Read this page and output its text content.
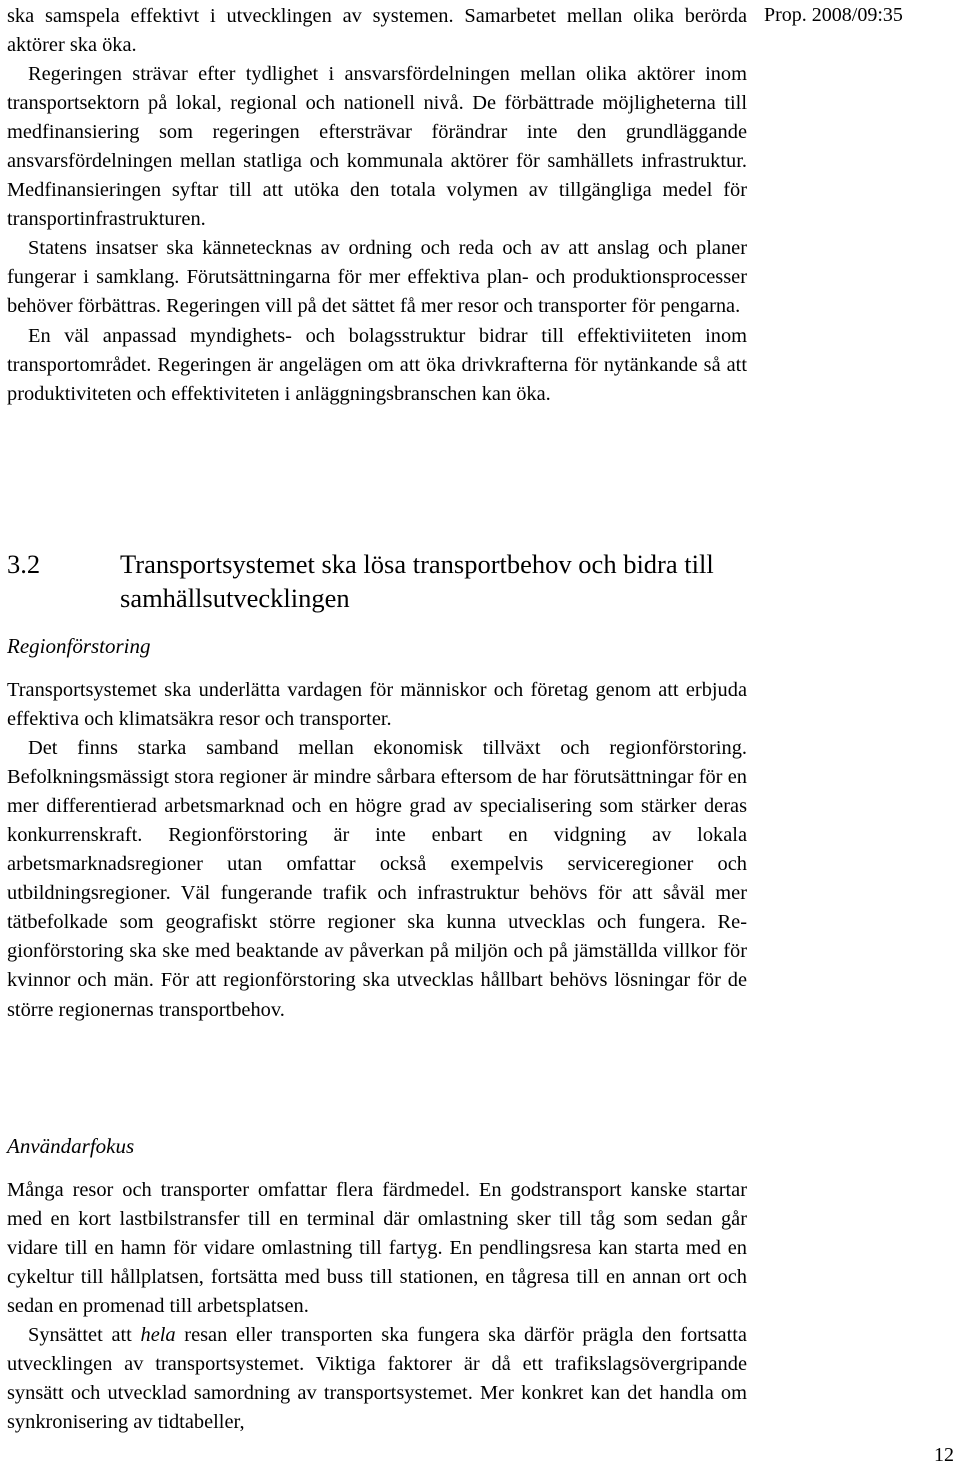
Prop. 2008/09:35

ska samspela effektivt i utvecklingen av systemen. Samarbetet mellan olika berörda aktörer ska öka.

Regeringen strävar efter tydlighet i ansvarsfördelningen mellan olika aktörer inom transportsektorn på lokal, regional och nationell nivå. De förbättrade möjligheterna till medfinansiering som regeringen eftersträvar förändrar inte den grundläggande ansvarsfördelningen mellan statliga och kommunala aktörer för samhällets infrastruktur. Medfinansieringen syftar till att utöka den totala volymen av tillgängliga medel för transportinfrastrukturen.

Statens insatser ska kännetecknas av ordning och reda och av att anslag och planer fungerar i samklang. Förutsättningarna för mer effektiva plan- och produktionsprocesser behöver förbättras. Regeringen vill på det sättet få mer resor och transporter för pengarna.

En väl anpassad myndighets- och bolagsstruktur bidrar till effektiviiteten inom transportområdet. Regeringen är angelägen om att öka drivkrafterna för nytänkande så att produktiviteten och effektiviteten i anläggningsbranschen kan öka.

3.2	Transportsystemet ska lösa transportbehov och bidra till samhällsutvecklingen
Regionförstoring

Transportsystemet ska underlätta vardagen för människor och företag genom att erbjuda effektiva och klimatsäkra resor och transporter.

Det finns starka samband mellan ekonomisk tillväxt och regionförstoring. Befolkningsmässigt stora regioner är mindre sårbara eftersom de har förutsättningar för en mer differentierad arbetsmarknad och en högre grad av specialisering som stärker deras konkurrenskraft. Regionförstoring är inte enbart en vidgning av lokala arbetsmarknadsregioner utan omfattar också exempelvis serviceregioner och utbildningsregioner. Väl fungerande trafik och infrastruktur behövs för att såväl mer tätbefolkade som geografiskt större regioner ska kunna utvecklas och fungera. Regionförstoring ska ske med beaktande av påverkan på miljön och på jämställda villkor för kvinnor och män. För att regionförstoring ska utvecklas hållbart behövs lösningar för de större regionernas transportbehov.

Användarfokus

Många resor och transporter omfattar flera färdmedel. En godstransport kanske startar med en kort lastbilstransfer till en terminal där omlastning sker till tåg som sedan går vidare till en hamn för vidare omlastning till fartyg. En pendlingsresa kan starta med en cykeltur till hållplatsen, fortsätta med buss till stationen, en tågresa till en annan ort och sedan en promenad till arbetsplatsen.

Synsättet att hela resan eller transporten ska fungera ska därför prägla den fortsatta utvecklingen av transportsystemet. Viktiga faktorer är då ett trafikslagsövergripande synsätt och utvecklad samordning av transportsystemet. Mer konkret kan det handla om synkronisering av tidtabeller,

12
